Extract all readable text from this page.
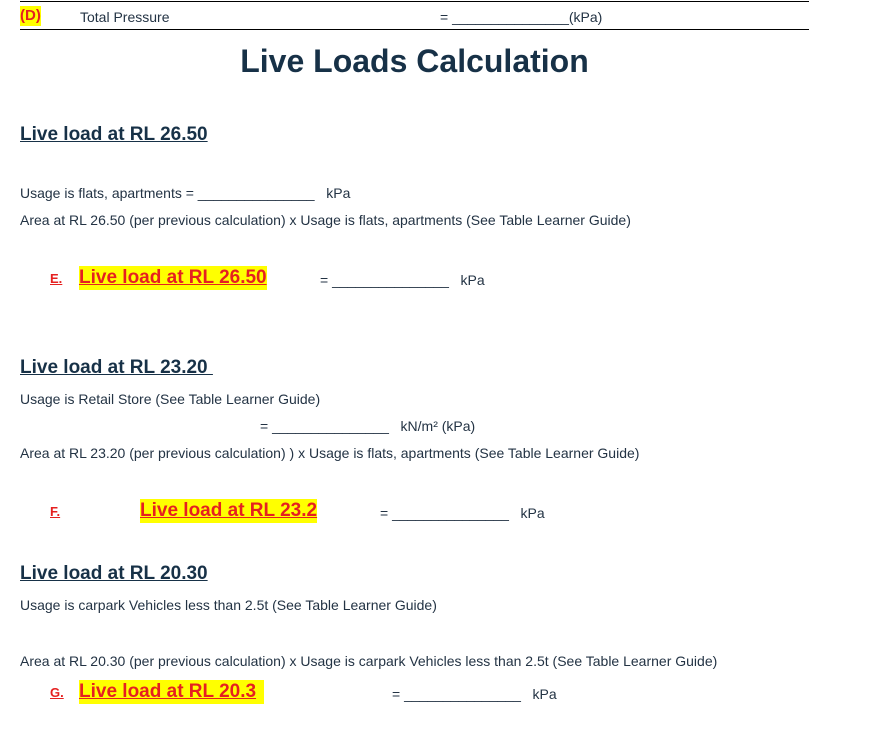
(D)	Total Pressure	= _______________(kPa)
Live Loads Calculation
Live load at RL 26.50
Usage is flats, apartments = _______________   kPa
Area at RL 26.50 (per previous calculation) x Usage is flats, apartments (See Table Learner Guide)
E. Live load at RL 26.50	= _______________   kPa
Live load at RL 23.20
Usage is Retail Store (See Table Learner Guide)
= _______________   kN/m² (kPa)
Area at RL 23.20 (per previous calculation) ) x Usage is flats, apartments (See Table Learner Guide)
F.	Live load at RL 23.2	= _______________   kPa
Live load at RL 20.30
Usage is carpark Vehicles less than 2.5t (See Table Learner Guide)
Area at RL 20.30 (per previous calculation) x Usage is carpark Vehicles less than 2.5t (See Table Learner Guide)
G. Live load at RL 20.3	= _______________   kPa
